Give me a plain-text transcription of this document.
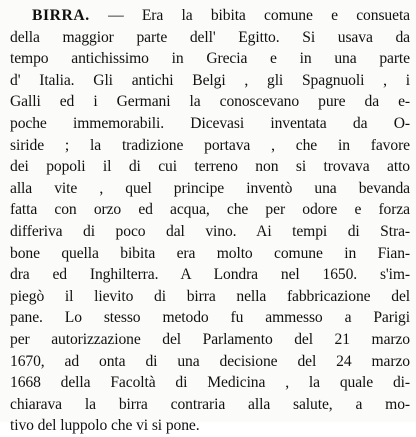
BIRRA. — Era la bibita comune e consueta
della maggior parte dell' Egitto. Si usava da
tempo antichissimo in Grecia e in una parte
d' Italia. Gli antichi Belgi , gli Spagnuoli , i
Galli ed i Germani la conoscevano pure da e-
poche immemorabili. Dicevasi inventata da O-
siride ; la tradizione portava , che in favore
dei popoli il di cui terreno non si trovava atto
alla vite , quel principe inventò una bevanda
fatta con orzo ed acqua, che per odore e forza
differiva di poco dal vino. Ai tempi di Stra-
bone quella bibita era molto comune in Fian-
dra ed Inghilterra. A Londra nel 1650. s'im-
piegò il lievito di birra nella fabbricazione del
pane. Lo stesso metodo fu ammesso a Parigi
per autorizzazione del Parlamento del 21 marzo
1670, ad onta di una decisione del 24 marzo
1668 della Facoltà di Medicina , la quale di-
chiarava la birra contraria alla salute, a mo-
tivo del luppolo che vi si pone.
